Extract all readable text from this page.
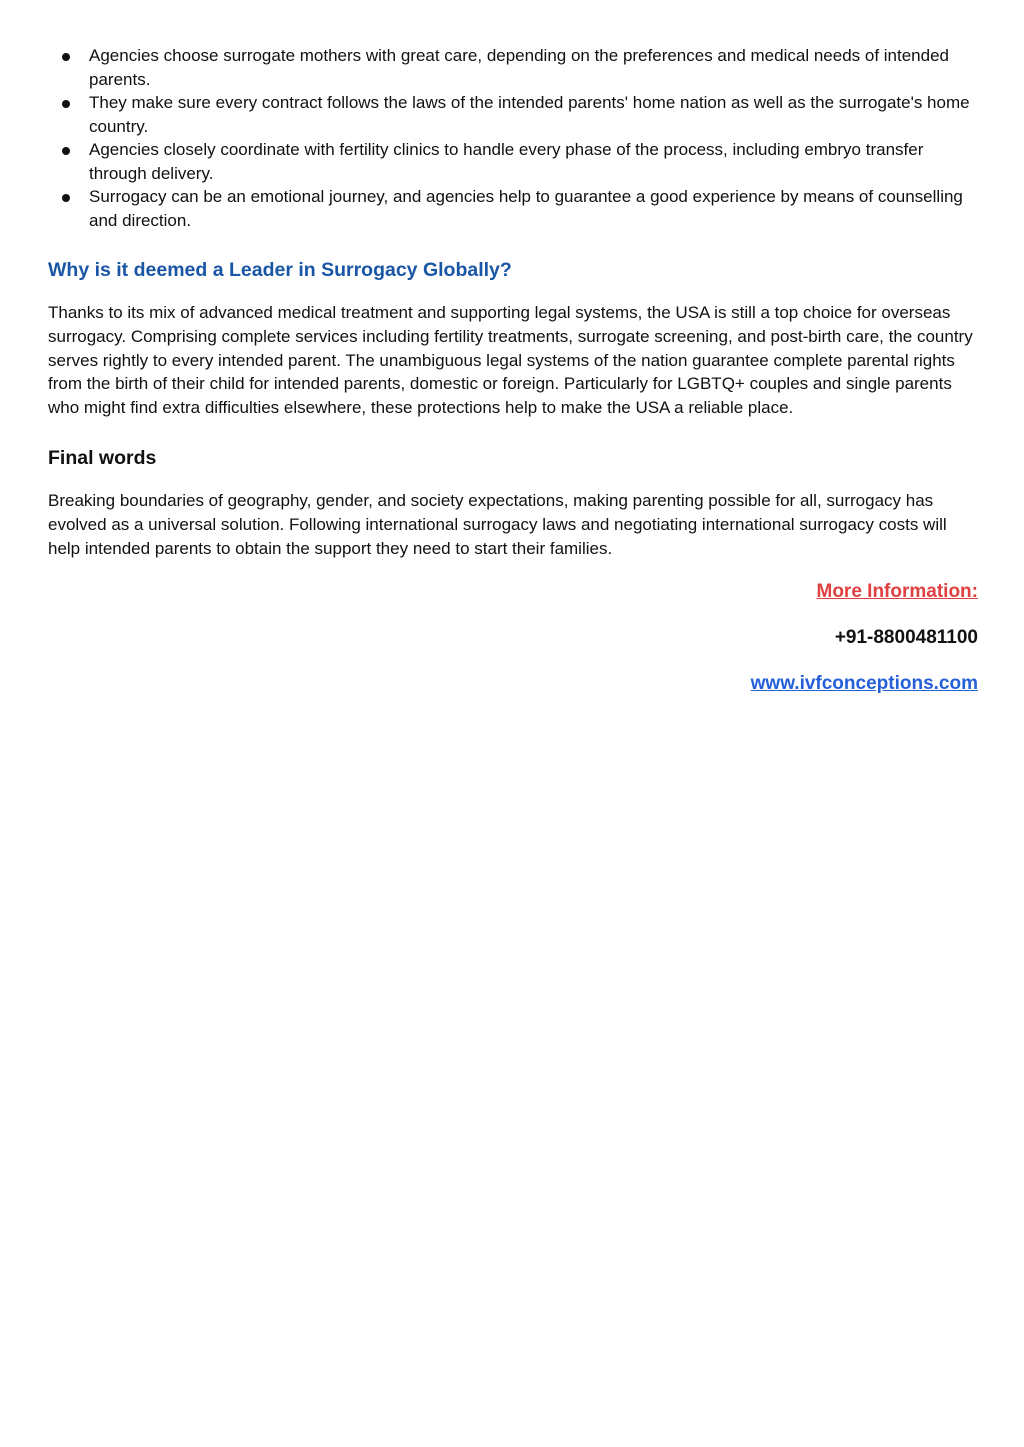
Agencies choose surrogate mothers with great care, depending on the preferences and medical needs of intended parents.
They make sure every contract follows the laws of the intended parents' home nation as well as the surrogate's home country.
Agencies closely coordinate with fertility clinics to handle every phase of the process, including embryo transfer through delivery.
Surrogacy can be an emotional journey, and agencies help to guarantee a good experience by means of counselling and direction.
Why is it deemed a Leader in Surrogacy Globally?

Thanks to its mix of advanced medical treatment and supporting legal systems, the USA is still a top choice for overseas surrogacy. Comprising complete services including fertility treatments, surrogate screening, and post-birth care, the country serves rightly to every intended parent. The unambiguous legal systems of the nation guarantee complete parental rights from the birth of their child for intended parents, domestic or foreign. Particularly for LGBTQ+ couples and single parents who might find extra difficulties elsewhere, these protections help to make the USA a reliable place.

Final words

Breaking boundaries of geography, gender, and society expectations, making parenting possible for all, surrogacy has evolved as a universal solution. Following international surrogacy laws and negotiating international surrogacy costs will help intended parents to obtain the support they need to start their families.

More Information:
+91-8800481100
www.ivfconceptions.com
